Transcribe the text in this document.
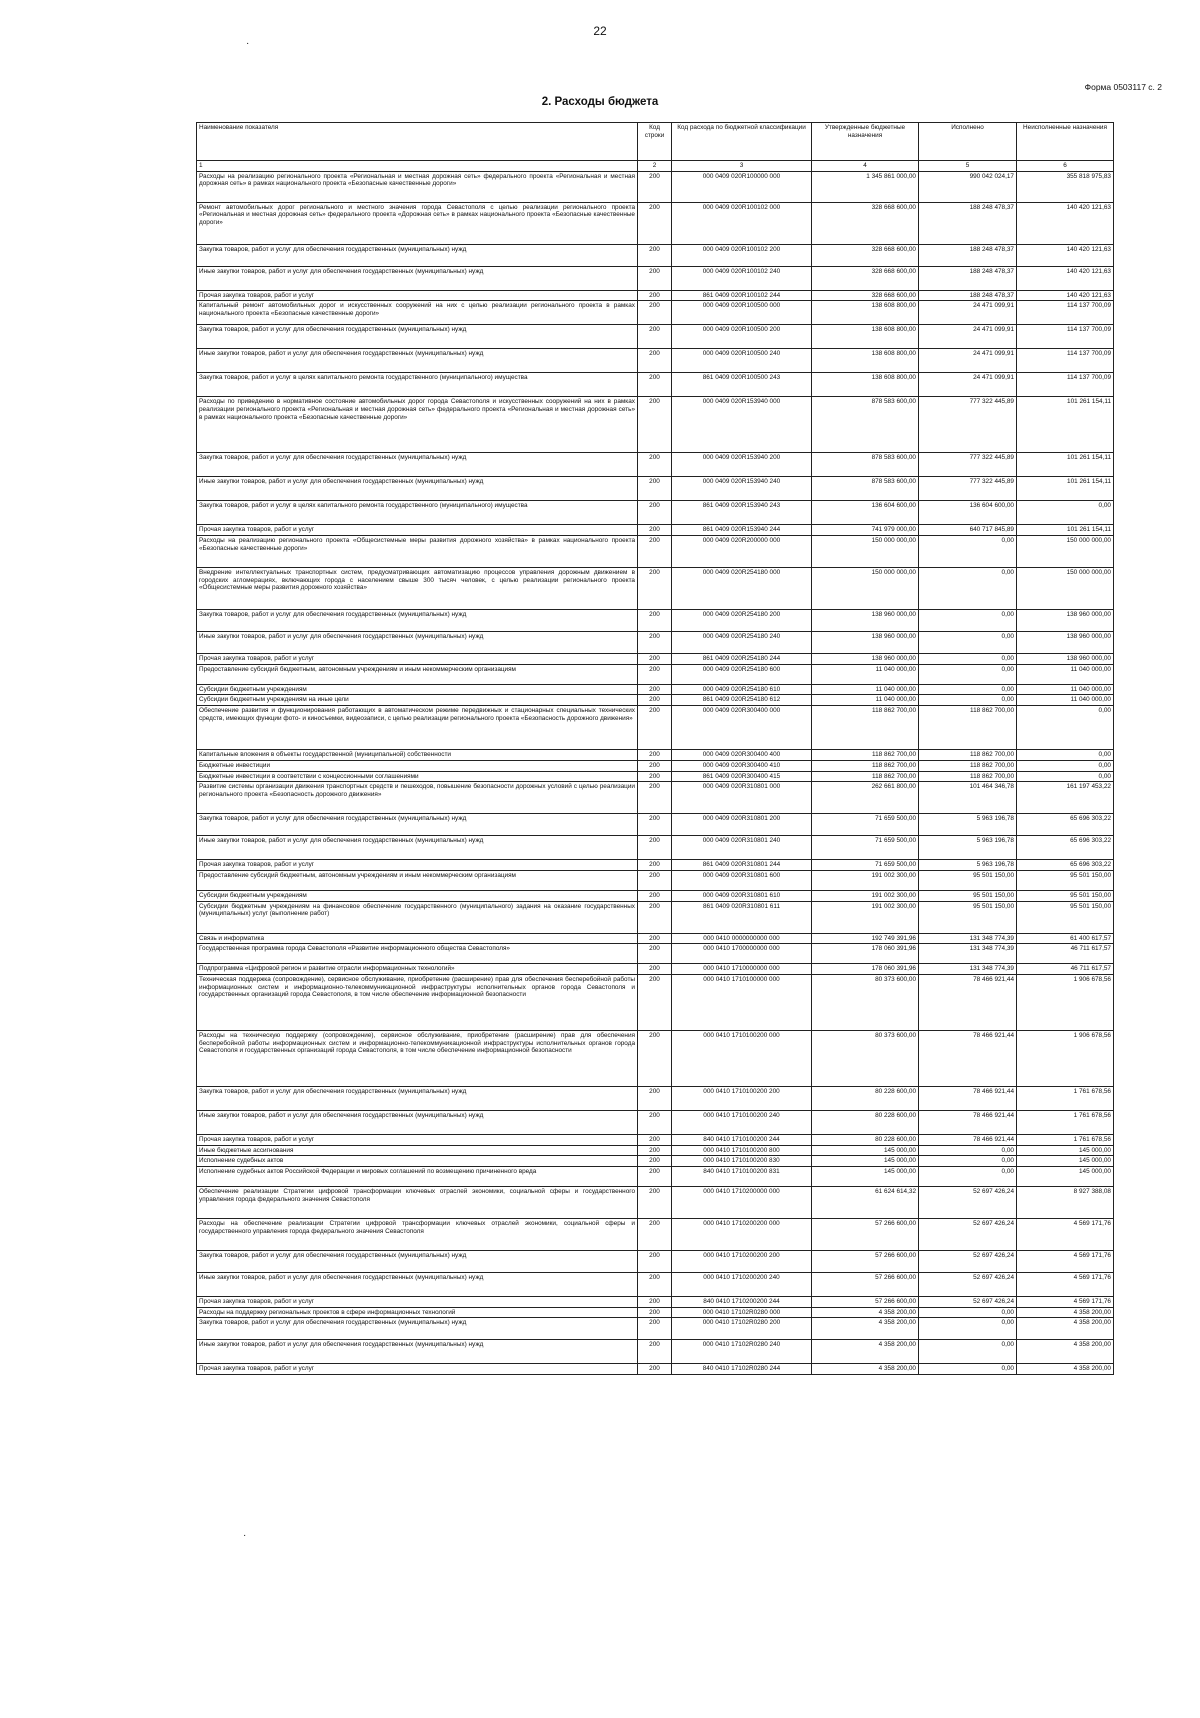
22
Форма 0503117 с. 2
2. Расходы бюджета
Наименование показателя	Код строки	Код расхода по бюджетной классификации	Утвержденные бюджетные назначения	Исполнено	Неисполненные назначения
1	2	3	4	5	6
Расходы на реализацию регионального проекта «Региональная и местная дорожная сеть» федерального проекта «Региональная и местная дорожная сеть» в рамках национального проекта «Безопасные качественные дороги»	200	000 0409 020R100000 000	1 345 861 000,00	990 042 024,17	355 818 975,83
Ремонт автомобильных дорог регионального и местного значения города Севастополя с целью реализации регионального проекта «Региональная и местная дорожная сеть» федерального проекта «Дорожная сеть» в рамках национального проекта «Безопасные качественные дороги»	200	000 0409 020R100102 000	328 668 600,00	188 248 478,37	140 420 121,63
Закупка товаров, работ и услуг для обеспечения государственных (муниципальных) нужд	200	000 0409 020R100102 200	328 668 600,00	188 248 478,37	140 420 121,63
Иные закупки товаров, работ и услуг для обеспечения государственных (муниципальных) нужд	200	000 0409 020R100102 240	328 668 600,00	188 248 478,37	140 420 121,63
Прочая закупка товаров, работ и услуг	200	861 0409 020R100102 244	328 668 600,00	188 248 478,37	140 420 121,63
Капитальный ремонт автомобильных дорог и искусственных сооружений на них с целью реализации регионального проекта в рамках национального проекта «Безопасные качественные дороги»	200	000 0409 020R100500 000	138 608 800,00	24 471 099,91	114 137 700,09
Закупка товаров, работ и услуг для обеспечения государственных (муниципальных) нужд	200	000 0409 020R100500 200	138 608 800,00	24 471 099,91	114 137 700,09
Иные закупки товаров, работ и услуг для обеспечения государственных (муниципальных) нужд	200	000 0409 020R100500 240	138 608 800,00	24 471 099,91	114 137 700,09
Закупка товаров, работ и услуг в целях капитального ремонта государственного (муниципального) имущества	200	861 0409 020R100500 243	138 608 800,00	24 471 099,91	114 137 700,09
Расходы по приведению в нормативное состояние автомобильных дорог города Севастополя и искусственных сооружений на них в рамках реализации регионального проекта «Региональная и местная дорожная сеть» федерального проекта «Региональная и местная дорожная сеть» в рамках национального проекта «Безопасные качественные дороги»	200	000 0409 020R153940 000	878 583 600,00	777 322 445,89	101 261 154,11
Закупка товаров, работ и услуг для обеспечения государственных (муниципальных) нужд	200	000 0409 020R153940 200	878 583 600,00	777 322 445,89	101 261 154,11
Иные закупки товаров, работ и услуг для обеспечения государственных (муниципальных) нужд	200	000 0409 020R153940 240	878 583 600,00	777 322 445,89	101 261 154,11
Закупка товаров, работ и услуг в целях капитального ремонта государственного (муниципального) имущества	200	861 0409 020R153940 243	136 604 600,00	136 604 600,00	0,00
Прочая закупка товаров, работ и услуг	200	861 0409 020R153940 244	741 979 000,00	640 717 845,89	101 261 154,11
Расходы на реализацию регионального проекта «Общесистемные меры развития дорожного хозяйства» в рамках национального проекта «Безопасные качественные дороги»	200	000 0409 020R200000 000	150 000 000,00	0,00	150 000 000,00
Внедрение интеллектуальных транспортных систем, предусматривающих автоматизацию процессов управления дорожным движением в городских агломерациях, включающих города с населением свыше 300 тысяч человек, с целью реализации регионального проекта «Общесистемные меры развития дорожного хозяйства»	200	000 0409 020R254180 000	150 000 000,00	0,00	150 000 000,00
Закупка товаров, работ и услуг для обеспечения государственных (муниципальных) нужд	200	000 0409 020R254180 200	138 960 000,00	0,00	138 960 000,00
Иные закупки товаров, работ и услуг для обеспечения государственных (муниципальных) нужд	200	000 0409 020R254180 240	138 960 000,00	0,00	138 960 000,00
Прочая закупка товаров, работ и услуг	200	861 0409 020R254180 244	138 960 000,00	0,00	138 960 000,00
Предоставление субсидий бюджетным, автономным учреждениям и иным некоммерческим организациям	200	000 0409 020R254180 600	11 040 000,00	0,00	11 040 000,00
Субсидии бюджетным учреждениям	200	000 0409 020R254180 610	11 040 000,00	0,00	11 040 000,00
Субсидии бюджетным учреждениям на иные цели	200	861 0409 020R254180 612	11 040 000,00	0,00	11 040 000,00
Обеспечение развития и функционирования работающих в автоматическом режиме передвижных и стационарных специальных технических средств, имеющих функции фото- и киносъемки, видеозаписи, с целью реализации регионального проекта «Безопасность дорожного движения»	200	000 0409 020R300400 000	118 862 700,00	118 862 700,00	0,00
Капитальные вложения в объекты государственной (муниципальной) собственности	200	000 0409 020R300400 400	118 862 700,00	118 862 700,00	0,00
Бюджетные инвестиции	200	000 0409 020R300400 410	118 862 700,00	118 862 700,00	0,00
Бюджетные инвестиции в соответствии с концессионными соглашениями	200	861 0409 020R300400 415	118 862 700,00	118 862 700,00	0,00
Развитие системы организации движения транспортных средств и пешеходов, повышение безопасности дорожных условий с целью реализации регионального проекта «Безопасность дорожного движения»	200	000 0409 020R310801 000	262 661 800,00	101 464 346,78	161 197 453,22
Закупка товаров, работ и услуг для обеспечения государственных (муниципальных) нужд	200	000 0409 020R310801 200	71 659 500,00	5 963 196,78	65 696 303,22
Иные закупки товаров, работ и услуг для обеспечения государственных (муниципальных) нужд	200	000 0409 020R310801 240	71 659 500,00	5 963 196,78	65 696 303,22
Прочая закупка товаров, работ и услуг	200	861 0409 020R310801 244	71 659 500,00	5 963 196,78	65 696 303,22
Предоставление субсидий бюджетным, автономным учреждениям и иным некоммерческим организациям	200	000 0409 020R310801 600	191 002 300,00	95 501 150,00	95 501 150,00
Субсидии бюджетным учреждениям	200	000 0409 020R310801 610	191 002 300,00	95 501 150,00	95 501 150,00
Субсидии бюджетным учреждениям на финансовое обеспечение государственного (муниципального) задания на оказание государственных (муниципальных) услуг (выполнение работ)	200	861 0409 020R310801 611	191 002 300,00	95 501 150,00	95 501 150,00
Связь и информатика	200	000 0410 0000000000 000	192 749 391,96	131 348 774,39	61 400 617,57
Государственная программа города Севастополя «Развитие информационного общества Севастополя»	200	000 0410 1700000000 000	178 060 391,96	131 348 774,39	46 711 617,57
Подпрограмма «Цифровой регион и развитие отрасли информационных технологий»	200	000 0410 1710000000 000	178 060 391,96	131 348 774,39	46 711 617,57
Техническая поддержка (сопровождение), сервисное обслуживание, приобретение (расширение) прав для обеспечения бесперебойной работы информационных систем и информационно-телекоммуникационной инфраструктуры исполнительных органов города Севастополя и государственных организаций города Севастополя, в том числе обеспечение информационной безопасности	200	000 0410 1710100000 000	80 373 600,00	78 466 921,44	1 906 678,56
Расходы на техническую поддержку (сопровождение), сервисное обслуживание, приобретение (расширение) прав для обеспечения бесперебойной работы информационных систем и информационно-телекоммуникационной инфраструктуры исполнительных органов города Севастополя и государственных организаций города Севастополя, в том числе обеспечение информационной безопасности	200	000 0410 1710100200 000	80 373 600,00	78 466 921,44	1 906 678,56
Закупка товаров, работ и услуг для обеспечения государственных (муниципальных) нужд	200	000 0410 1710100200 200	80 228 600,00	78 466 921,44	1 761 678,56
Иные закупки товаров, работ и услуг для обеспечения государственных (муниципальных) нужд	200	000 0410 1710100200 240	80 228 600,00	78 466 921,44	1 761 678,56
Прочая закупка товаров, работ и услуг	200	840 0410 1710100200 244	80 228 600,00	78 466 921,44	1 761 678,56
Иные бюджетные ассигнования	200	000 0410 1710100200 800	145 000,00	0,00	145 000,00
Исполнение судебных актов	200	000 0410 1710100200 830	145 000,00	0,00	145 000,00
Исполнение судебных актов Российской Федерации и мировых соглашений по возмещению причиненного вреда	200	840 0410 1710100200 831	145 000,00	0,00	145 000,00
Обеспечение реализации Стратегии цифровой трансформации ключевых отраслей экономики, социальной сферы и государственного управления города федерального значения Севастополя	200	000 0410 1710200000 000	61 624 614,32	52 697 426,24	8 927 388,08
Расходы на обеспечение реализации Стратегии цифровой трансформации ключевых отраслей экономики, социальной сферы и государственного управления города федерального значения Севастополя	200	000 0410 1710200200 000	57 266 600,00	52 697 426,24	4 569 171,76
Закупка товаров, работ и услуг для обеспечения государственных (муниципальных) нужд	200	000 0410 1710200200 200	57 266 600,00	52 697 426,24	4 569 171,76
Иные закупки товаров, работ и услуг для обеспечения государственных (муниципальных) нужд	200	000 0410 1710200200 240	57 266 600,00	52 697 426,24	4 569 171,76
Прочая закупка товаров, работ и услуг	200	840 0410 1710200200 244	57 266 600,00	52 697 426,24	4 569 171,76
Расходы на поддержку региональных проектов в сфере информационных технологий	200	000 0410 17102R0280 000	4 358 200,00	0,00	4 358 200,00
Закупка товаров, работ и услуг для обеспечения государственных (муниципальных) нужд	200	000 0410 17102R0280 200	4 358 200,00	0,00	4 358 200,00
Иные закупки товаров, работ и услуг для обеспечения государственных (муниципальных) нужд	200	000 0410 17102R0280 240	4 358 200,00	0,00	4 358 200,00
Прочая закупка товаров, работ и услуг	200	840 0410 17102R0280 244	4 358 200,00	0,00	4 358 200,00
·
·
